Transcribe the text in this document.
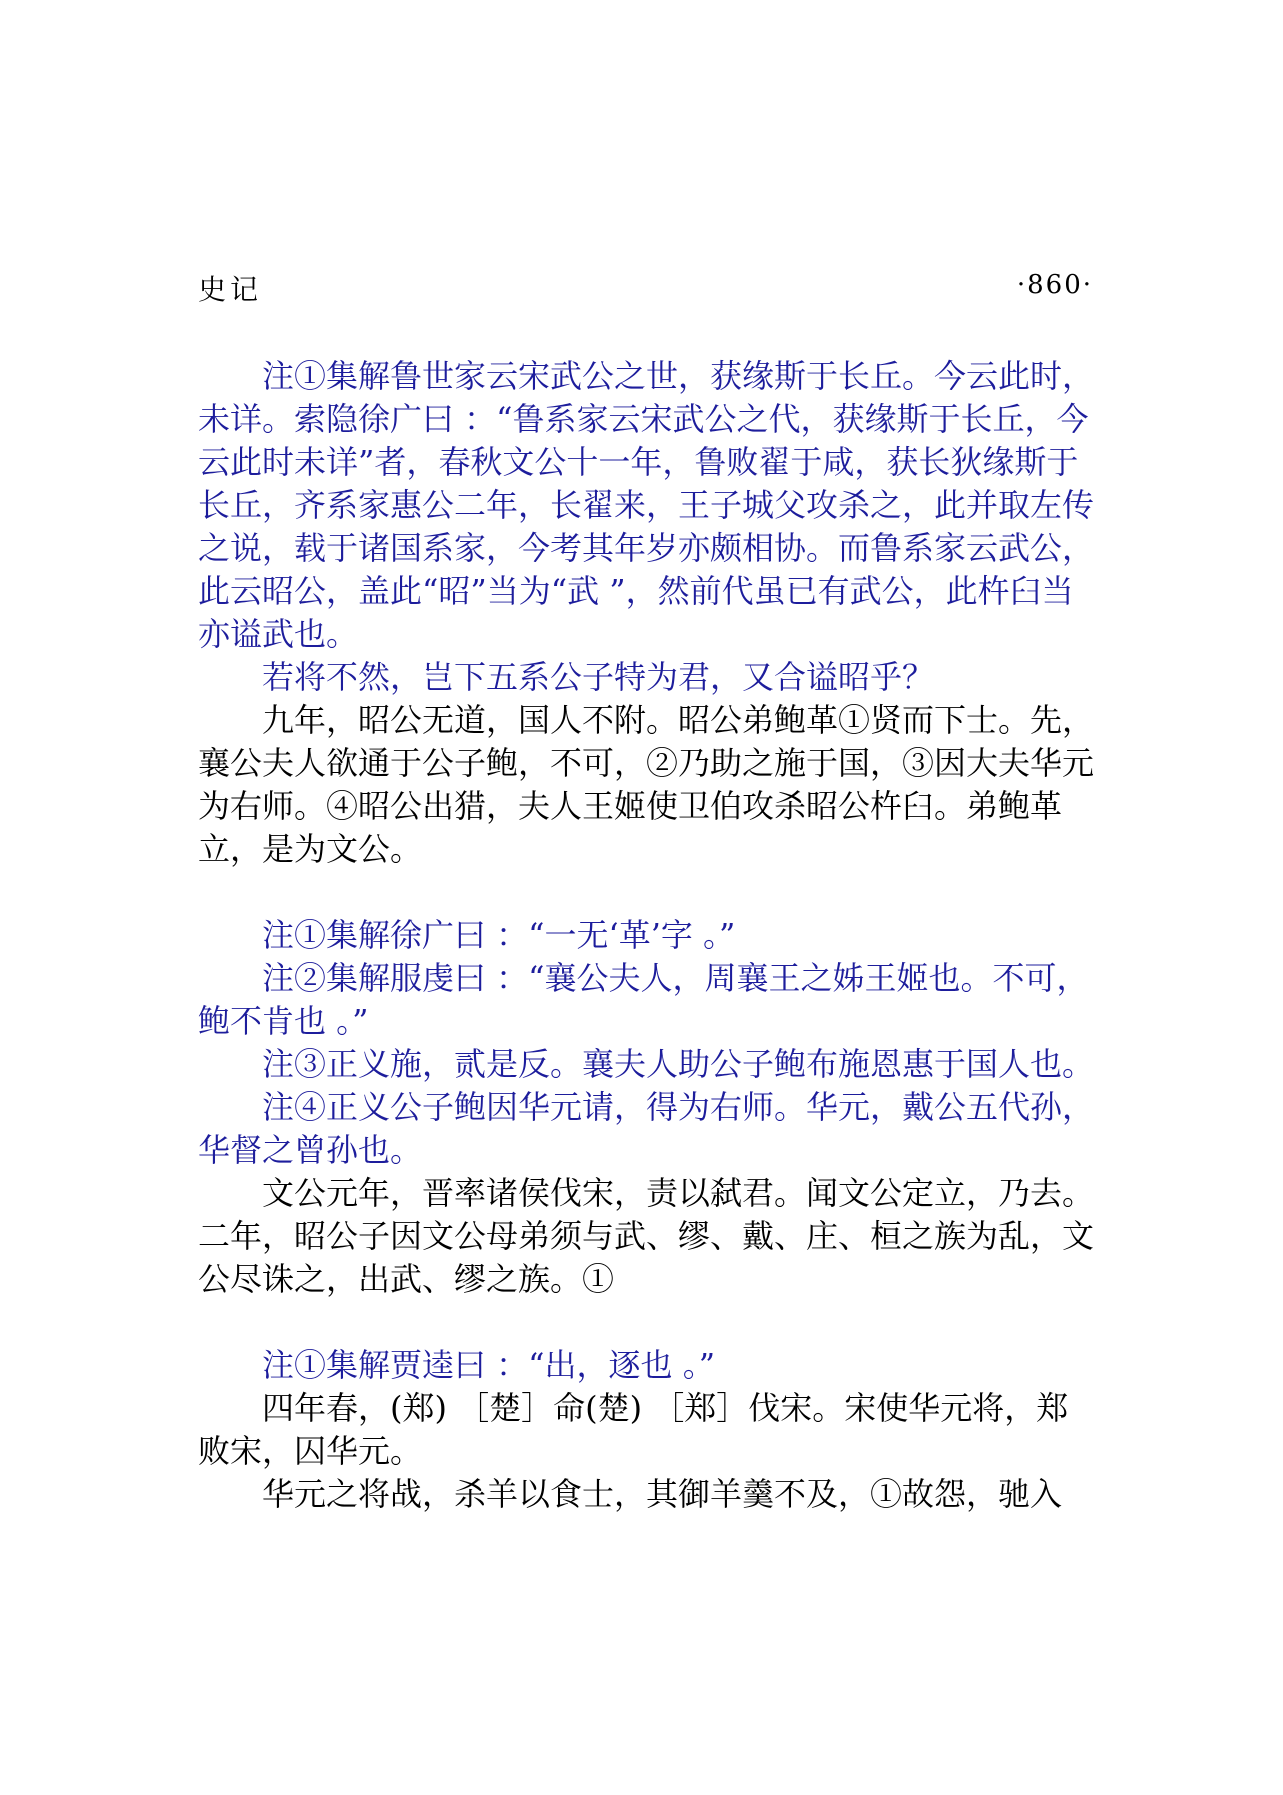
史记	·860·

注①集解鲁世家云宋武公之世，获缘斯于长丘。今云此时，未详。索隐徐广曰 ：“鲁系家云宋武公之代，获缘斯于长丘，今云此时未详”者，春秋文公十一年，鲁败翟于咸，获长狄缘斯于长丘，齐系家惠公二年，长翟来，王子城父攻杀之，此并取左传之说，载于诸国系家，今考其年岁亦颇相协。而鲁系家云武公，此云昭公，盖此“昭”当为“武 ”，然前代虽已有武公，此杵臼当亦谥武也。

若将不然，岂下五系公子特为君，又合谥昭乎？

九年，昭公无道，国人不附。昭公弟鲍革①贤而下士。先，襄公夫人欲通于公子鲍，不可，②乃助之施于国，③因大夫华元为右师。④昭公出猎，夫人王姬使卫伯攻杀昭公杵臼。弟鲍革立，是为文公。

注①集解徐广曰 ：“一无‘革’字 。”

注②集解服虔曰 ：“襄公夫人，周襄王之姊王姬也。不可，鲍不肯也 。”

注③正义施，贰是反。襄夫人助公子鲍布施恩惠于国人也。

注④正义公子鲍因华元请，得为右师。华元，戴公五代孙，华督之曾孙也。

文公元年，晋率诸侯伐宋，责以弑君。闻文公定立，乃去。二年，昭公子因文公母弟须与武、缪、戴、庄、桓之族为乱，文公尽诛之，出武、缪之族。①

注①集解贾逵曰 ：“出，逐也 。”

四年春，(郑) ［楚］命(楚) ［郑］伐宋。宋使华元将，郑败宋，囚华元。

华元之将战，杀羊以食士，其御羊羹不及，①故怨，驰入
